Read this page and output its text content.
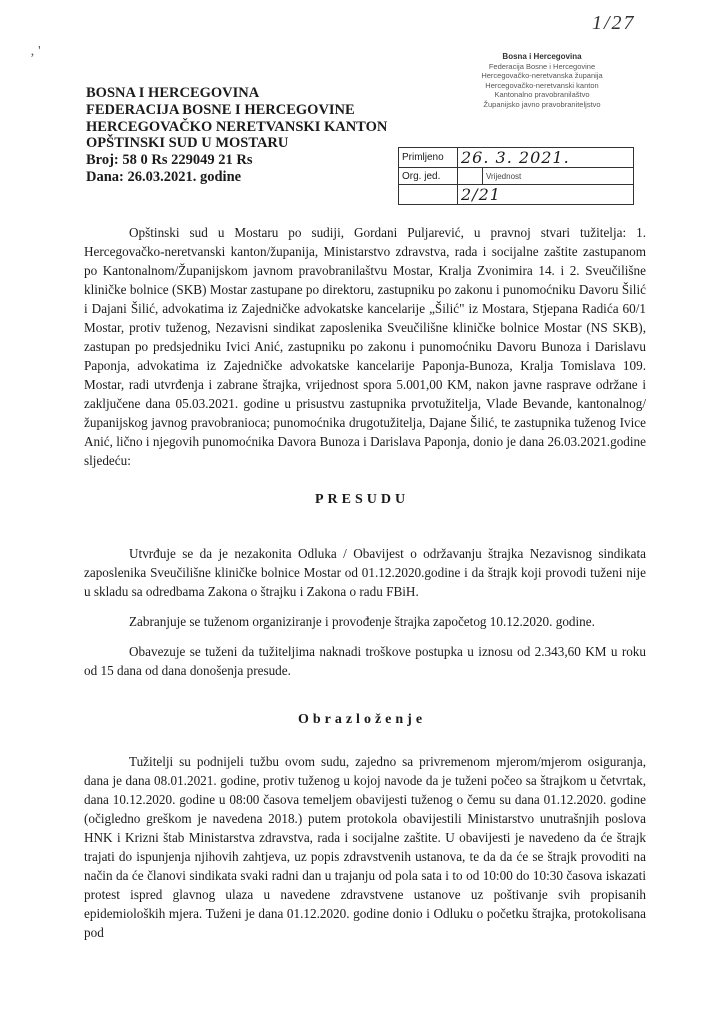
1/27
‚ '
BOSNA I HERCEGOVINA
FEDERACIJA BOSNE I HERCEGOVINE
HERCEGOVAČKO NERETVANSKI KANTON
OPŠTINSKI SUD U MOSTARU
Broj: 58 0 Rs 229049 21 Rs
Dana: 26.03.2021. godine
Bosna i Hercegovina
Federacija Bosne i Hercegovine
Hercegovačko-neretvanska županija
Hercegovačko-neretvanski kanton
Kantonalno pravobranilaštvo
Županijsko javno pravobraniteljstvo
Primljeno	26. 3. 2021.	
Org. jed.		Vrijednost
	2/21	

Opštinski sud u Mostaru po sudiji, Gordani Puljarević, u pravnoj stvari tužitelja: 1. Hercegovačko-neretvanski kanton/županija, Ministarstvo zdravstva, rada i socijalne zaštite zastupanom po Kantonalnom/Županijskom javnom pravobranilaštvu Mostar, Kralja Zvonimira 14. i 2. Sveučilišne kliničke bolnice (SKB) Mostar zastupane po direktoru, zastupniku po zakonu i punomoćniku Davoru Šilić i Dajani Šilić, advokatima iz Zajedničke advokatske kancelarije „Šilić" iz Mostara, Stjepana Radića 60/1 Mostar, protiv tuženog, Nezavisni sindikat zaposlenika Sveučilišne kliničke bolnice Mostar (NS SKB), zastupan po predsjedniku Ivici Anić, zastupniku po zakonu i punomoćniku Davoru Bunoza i Darislavu Paponja, advokatima iz Zajedničke advokatske kancelarije Paponja-Bunoza, Kralja Tomislava 109. Mostar, radi utvrđenja i zabrane štrajka, vrijednost spora 5.001,00 KM, nakon javne rasprave održane i zaključene dana 05.03.2021. godine u prisustvu zastupnika prvotužitelja, Vlade Bevande, kantonalnog/županijskog javnog pravobranioca; punomoćnika drugotužitelja, Dajane Šilić, te zastupnika tuženog Ivice Anić, lično i njegovih punomoćnika Davora Bunoza i Darislava Paponja, donio je dana 26.03.2021.godine sljedeću:

PRESUDU

Utvrđuje se da je nezakonita Odluka / Obavijest o održavanju štrajka Nezavisnog sindikata zaposlenika Sveučilišne kliničke bolnice Mostar od 01.12.2020.godine i da štrajk koji provodi tuženi nije u skladu sa odredbama Zakona o štrajku i Zakona o radu FBiH.

Zabranjuje se tuženom organiziranje i provođenje štrajka započetog 10.12.2020. godine.

Obavezuje se tuženi da tužiteljima naknadi troškove postupka u iznosu od 2.343,60 KM u roku od 15 dana od dana donošenja presude.

Obrazloženje

Tužitelji su podnijeli tužbu ovom sudu, zajedno sa privremenom mjerom/mjerom osiguranja, dana je dana 08.01.2021. godine, protiv tuženog u kojoj navode da je tuženi počeo sa štrajkom u četvrtak, dana 10.12.2020. godine u 08:00 časova temeljem obavijesti tuženog o čemu su dana 01.12.2020. godine (očigledno greškom je navedena 2018.) putem protokola obavijestili Ministarstvo unutrašnjih poslova HNK i Krizni štab Ministarstva zdravstva, rada i socijalne zaštite. U obavijesti je navedeno da će štrajk trajati do ispunjenja njihovih zahtjeva, uz popis zdravstvenih ustanova, te da da će se štrajk provoditi na način da će članovi sindikata svaki radni dan u trajanju od pola sata i to od 10:00 do 10:30 časova iskazati protest ispred glavnog ulaza u navedene zdravstvene ustanove uz poštivanje svih propisanih epidemioloških mjera. Tuženi je dana 01.12.2020. godine donio i Odluku o početku štrajka, protokolisana pod
